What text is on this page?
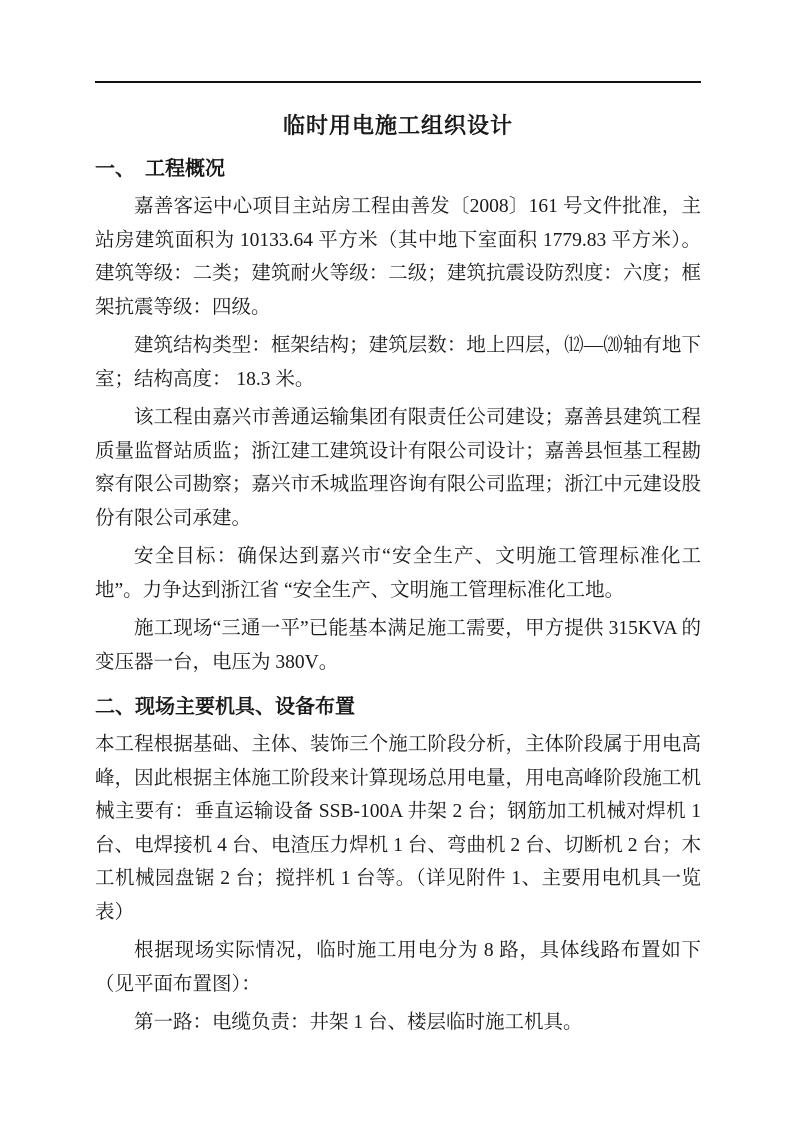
临时用电施工组织设计
一、　工程概况

嘉善客运中心项目主站房工程由善发〔2008〕161 号文件批准，主站房建筑面积为 10133.64 平方米（其中地下室面积 1779.83 平方米）。建筑等级：二类；建筑耐火等级：二级；建筑抗震设防烈度：六度；框架抗震等级：四级。

建筑结构类型：框架结构；建筑层数：地上四层，⑿—⒇轴有地下室；结构高度： 18.3 米。

该工程由嘉兴市善通运输集团有限责任公司建设；嘉善县建筑工程质量监督站质监；浙江建工建筑设计有限公司设计；嘉善县恒基工程勘察有限公司勘察；嘉兴市禾城监理咨询有限公司监理；浙江中元建设股份有限公司承建。

安全目标：确保达到嘉兴市“安全生产、文明施工管理标准化工地”。力争达到浙江省 “安全生产、文明施工管理标准化工地。

施工现场“三通一平”已能基本满足施工需要，甲方提供 315KVA 的变压器一台，电压为 380V。

二、现场主要机具、设备布置

本工程根据基础、主体、装饰三个施工阶段分析，主体阶段属于用电高峰，因此根据主体施工阶段来计算现场总用电量，用电高峰阶段施工机械主要有：垂直运输设备 SSB-100A 井架 2 台；钢筋加工机械对焊机 1 台、电焊接机 4 台、电渣压力焊机 1 台、弯曲机 2 台、切断机 2 台；木工机械园盘锯 2 台；搅拌机 1 台等。（详见附件 1、主要用电机具一览表）

根据现场实际情况，临时施工用电分为 8 路，具体线路布置如下（见平面布置图）：

第一路：电缆负责：井架 1 台、楼层临时施工机具。
